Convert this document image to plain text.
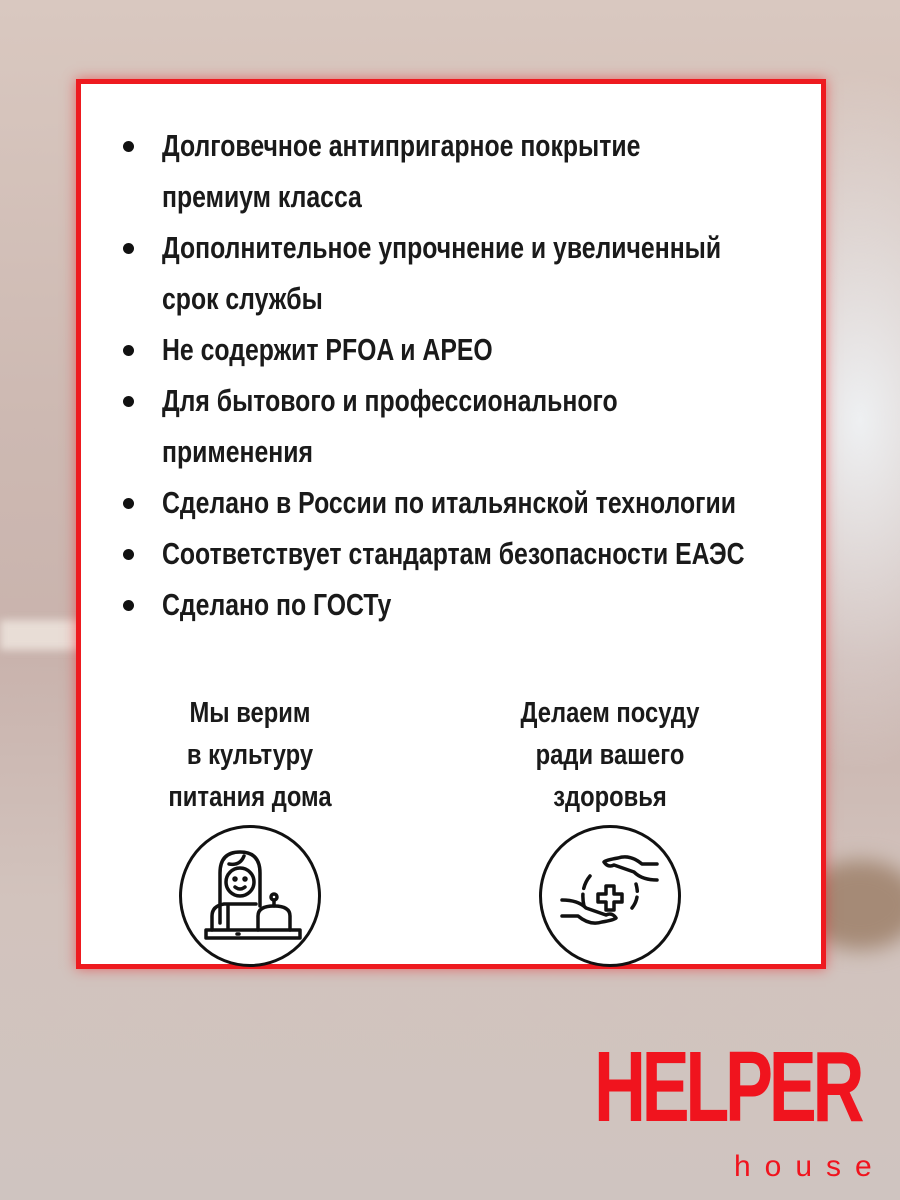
Долговечное антипригарное покрытие
премиум класса
Дополнительное упрочнение и увеличенный
срок службы
Не содержит PFOA и APEO
Для бытового и профессионального
применения
Сделано в России по итальянской технологии
Соответствует стандартам безопасности ЕАЭС
Сделано по ГОСТу
Мы верим
в культуру
питания дома
Делаем посуду
ради вашего
здоровья
HELPER
house
